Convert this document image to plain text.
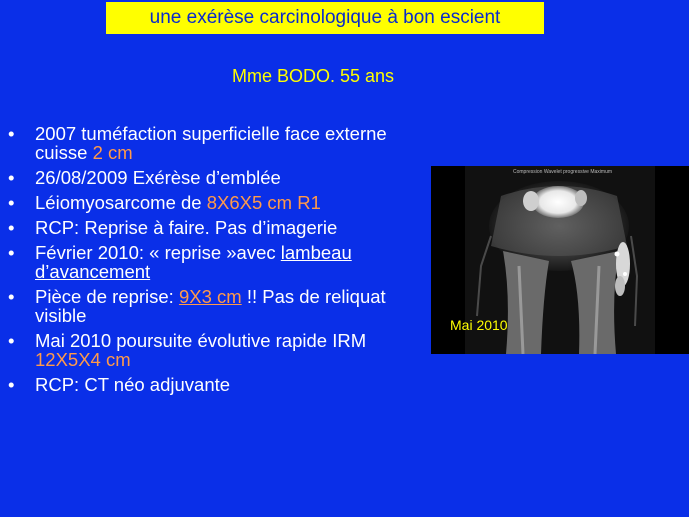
une exérèse carcinologique à bon escient
Mme BODO. 55 ans
• 2007 tuméfaction superficielle face externe cuisse 2 cm
• 26/08/2009 Exérèse d’emblée
• Léiomyosarcome de 8X6X5 cm R1
• RCP: Reprise à faire. Pas d’imagerie
• Février 2010: « reprise »avec lambeau d’avancement
• Pièce de reprise: 9X3 cm !! Pas de reliquat visible
• Mai 2010 poursuite évolutive rapide IRM 12X5X4 cm
• RCP: CT néo adjuvante
Compression Wavelet progressive Maximum
Mai 2010
